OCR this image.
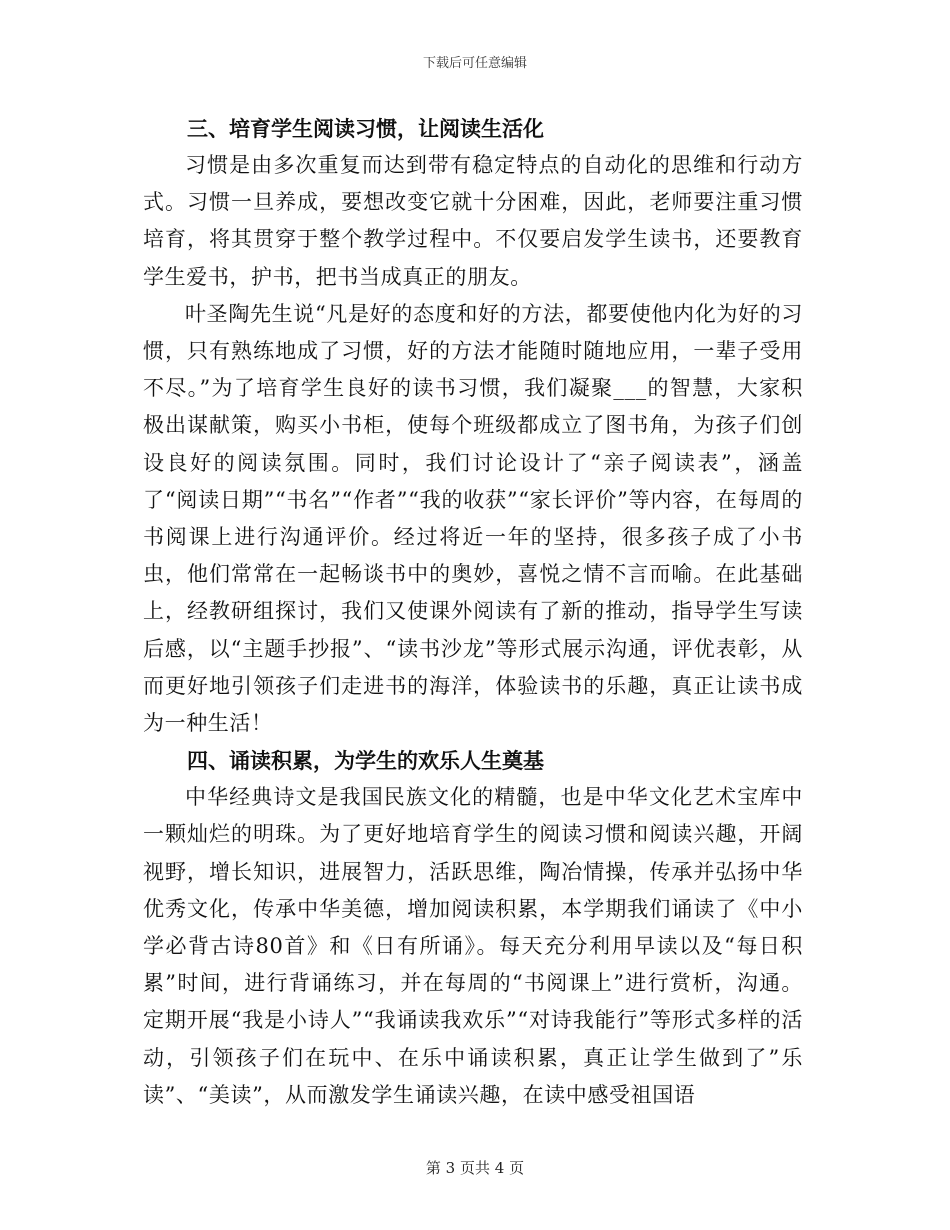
下载后可任意编辑
三、培育学生阅读习惯，让阅读生活化

习惯是由多次重复而达到带有稳定特点的自动化的思维和行动方式。习惯一旦养成，要想改变它就十分困难，因此，老师要注重习惯培育，将其贯穿于整个教学过程中。不仅要启发学生读书，还要教育学生爱书，护书，把书当成真正的朋友。

叶圣陶先生说“凡是好的态度和好的方法，都要使他内化为好的习惯，只有熟练地成了习惯，好的方法才能随时随地应用，一辈子受用不尽。”为了培育学生良好的读书习惯，我们凝聚___的智慧，大家积极出谋献策，购买小书柜，使每个班级都成立了图书角，为孩子们创设良好的阅读氛围。同时，我们讨论设计了“亲子阅读表”，涵盖了“阅读日期”“书名”“作者”“我的收获”“家长评价”等内容，在每周的书阅课上进行沟通评价。经过将近一年的坚持，很多孩子成了小书虫，他们常常在一起畅谈书中的奥妙，喜悦之情不言而喻。在此基础上，经教研组探讨，我们又使课外阅读有了新的推动，指导学生写读后感，以“主题手抄报”、“读书沙龙”等形式展示沟通，评优表彰，从而更好地引领孩子们走进书的海洋，体验读书的乐趣，真正让读书成为一种生活！

四、诵读积累，为学生的欢乐人生奠基

中华经典诗文是我国民族文化的精髓，也是中华文化艺术宝库中一颗灿烂的明珠。为了更好地培育学生的阅读习惯和阅读兴趣，开阔视野，增长知识，进展智力，活跃思维，陶冶情操，传承并弘扬中华优秀文化，传承中华美德，增加阅读积累，本学期我们诵读了《中小学必背古诗80首》和《日有所诵》。每天充分利用早读以及“每日积累”时间，进行背诵练习，并在每周的“书阅课上”进行赏析，沟通。定期开展“我是小诗人”“我诵读我欢乐”“对诗我能行”等形式多样的活动，引领孩子们在玩中、在乐中诵读积累，真正让学生做到了”乐读”、“美读”，从而激发学生诵读兴趣，在读中感受祖国语

第 3 页共 4 页
